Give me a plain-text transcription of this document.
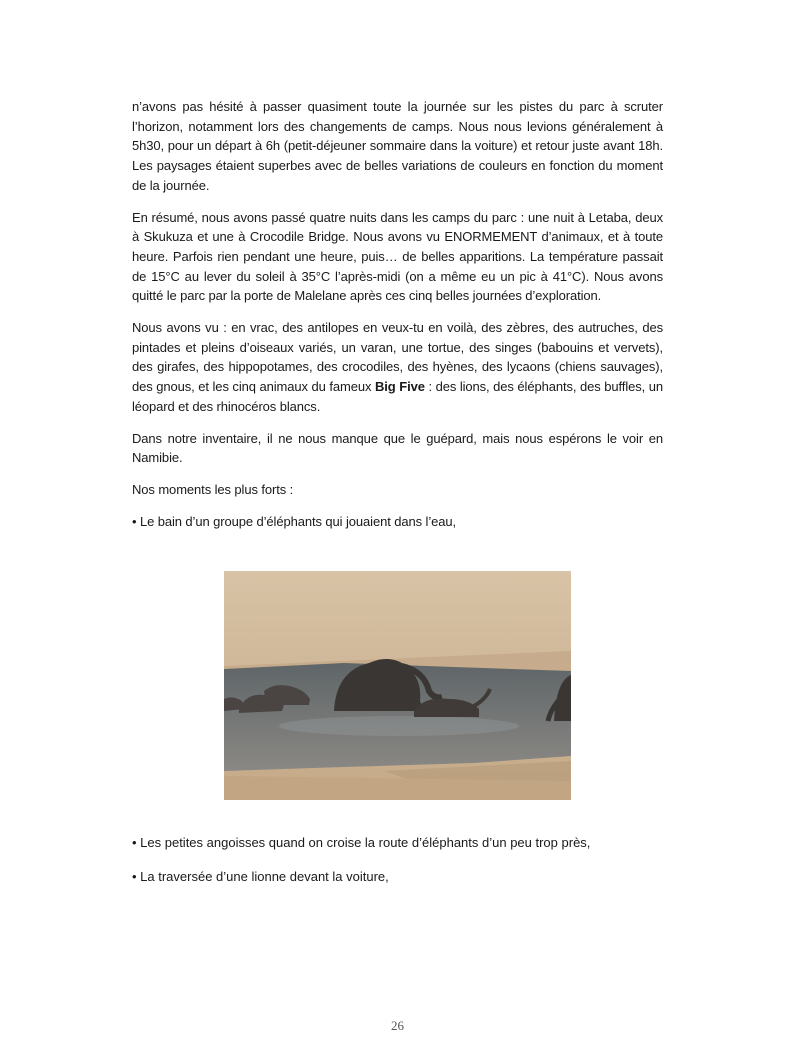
n’avons pas hésité à passer quasiment toute la journée sur les pistes du parc à scruter l’horizon, notamment lors des changements de camps. Nous nous levions généralement à 5h30, pour un départ à 6h (petit-déjeuner sommaire dans la voiture) et retour juste avant 18h. Les paysages étaient superbes avec de belles variations de couleurs en fonction du moment de la journée.

En résumé, nous avons passé quatre nuits dans les camps du parc : une nuit à Letaba, deux à Skukuza et une à Crocodile Bridge. Nous avons vu ENORMEMENT d’animaux, et à toute heure. Parfois rien pendant une heure, puis… de belles apparitions. La température passait de 15°C au lever du soleil à 35°C l’après-midi (on a même eu un pic à 41°C). Nous avons quitté le parc par la porte de Malelane après ces cinq belles journées d’exploration.

Nous avons vu : en vrac, des antilopes en veux-tu en voilà, des zèbres, des autruches, des pintades et pleins d’oiseaux variés, un varan, une tortue, des singes (babouins et vervets), des girafes, des hippopotames, des crocodiles, des hyènes, des lycaons (chiens sauvages), des gnous, et les cinq animaux du fameux Big Five : des lions, des éléphants, des buffles, un léopard et des rhinocéros blancs.

Dans notre inventaire, il ne nous manque que le guépard, mais nous espérons le voir en Namibie.

Nos moments les plus forts :

• Le bain d’un groupe d’éléphants qui jouaient dans l’eau,

• Les petites angoisses quand on croise la route d’éléphants d’un peu trop près,
• La traversée d’une lionne devant la voiture,
26
